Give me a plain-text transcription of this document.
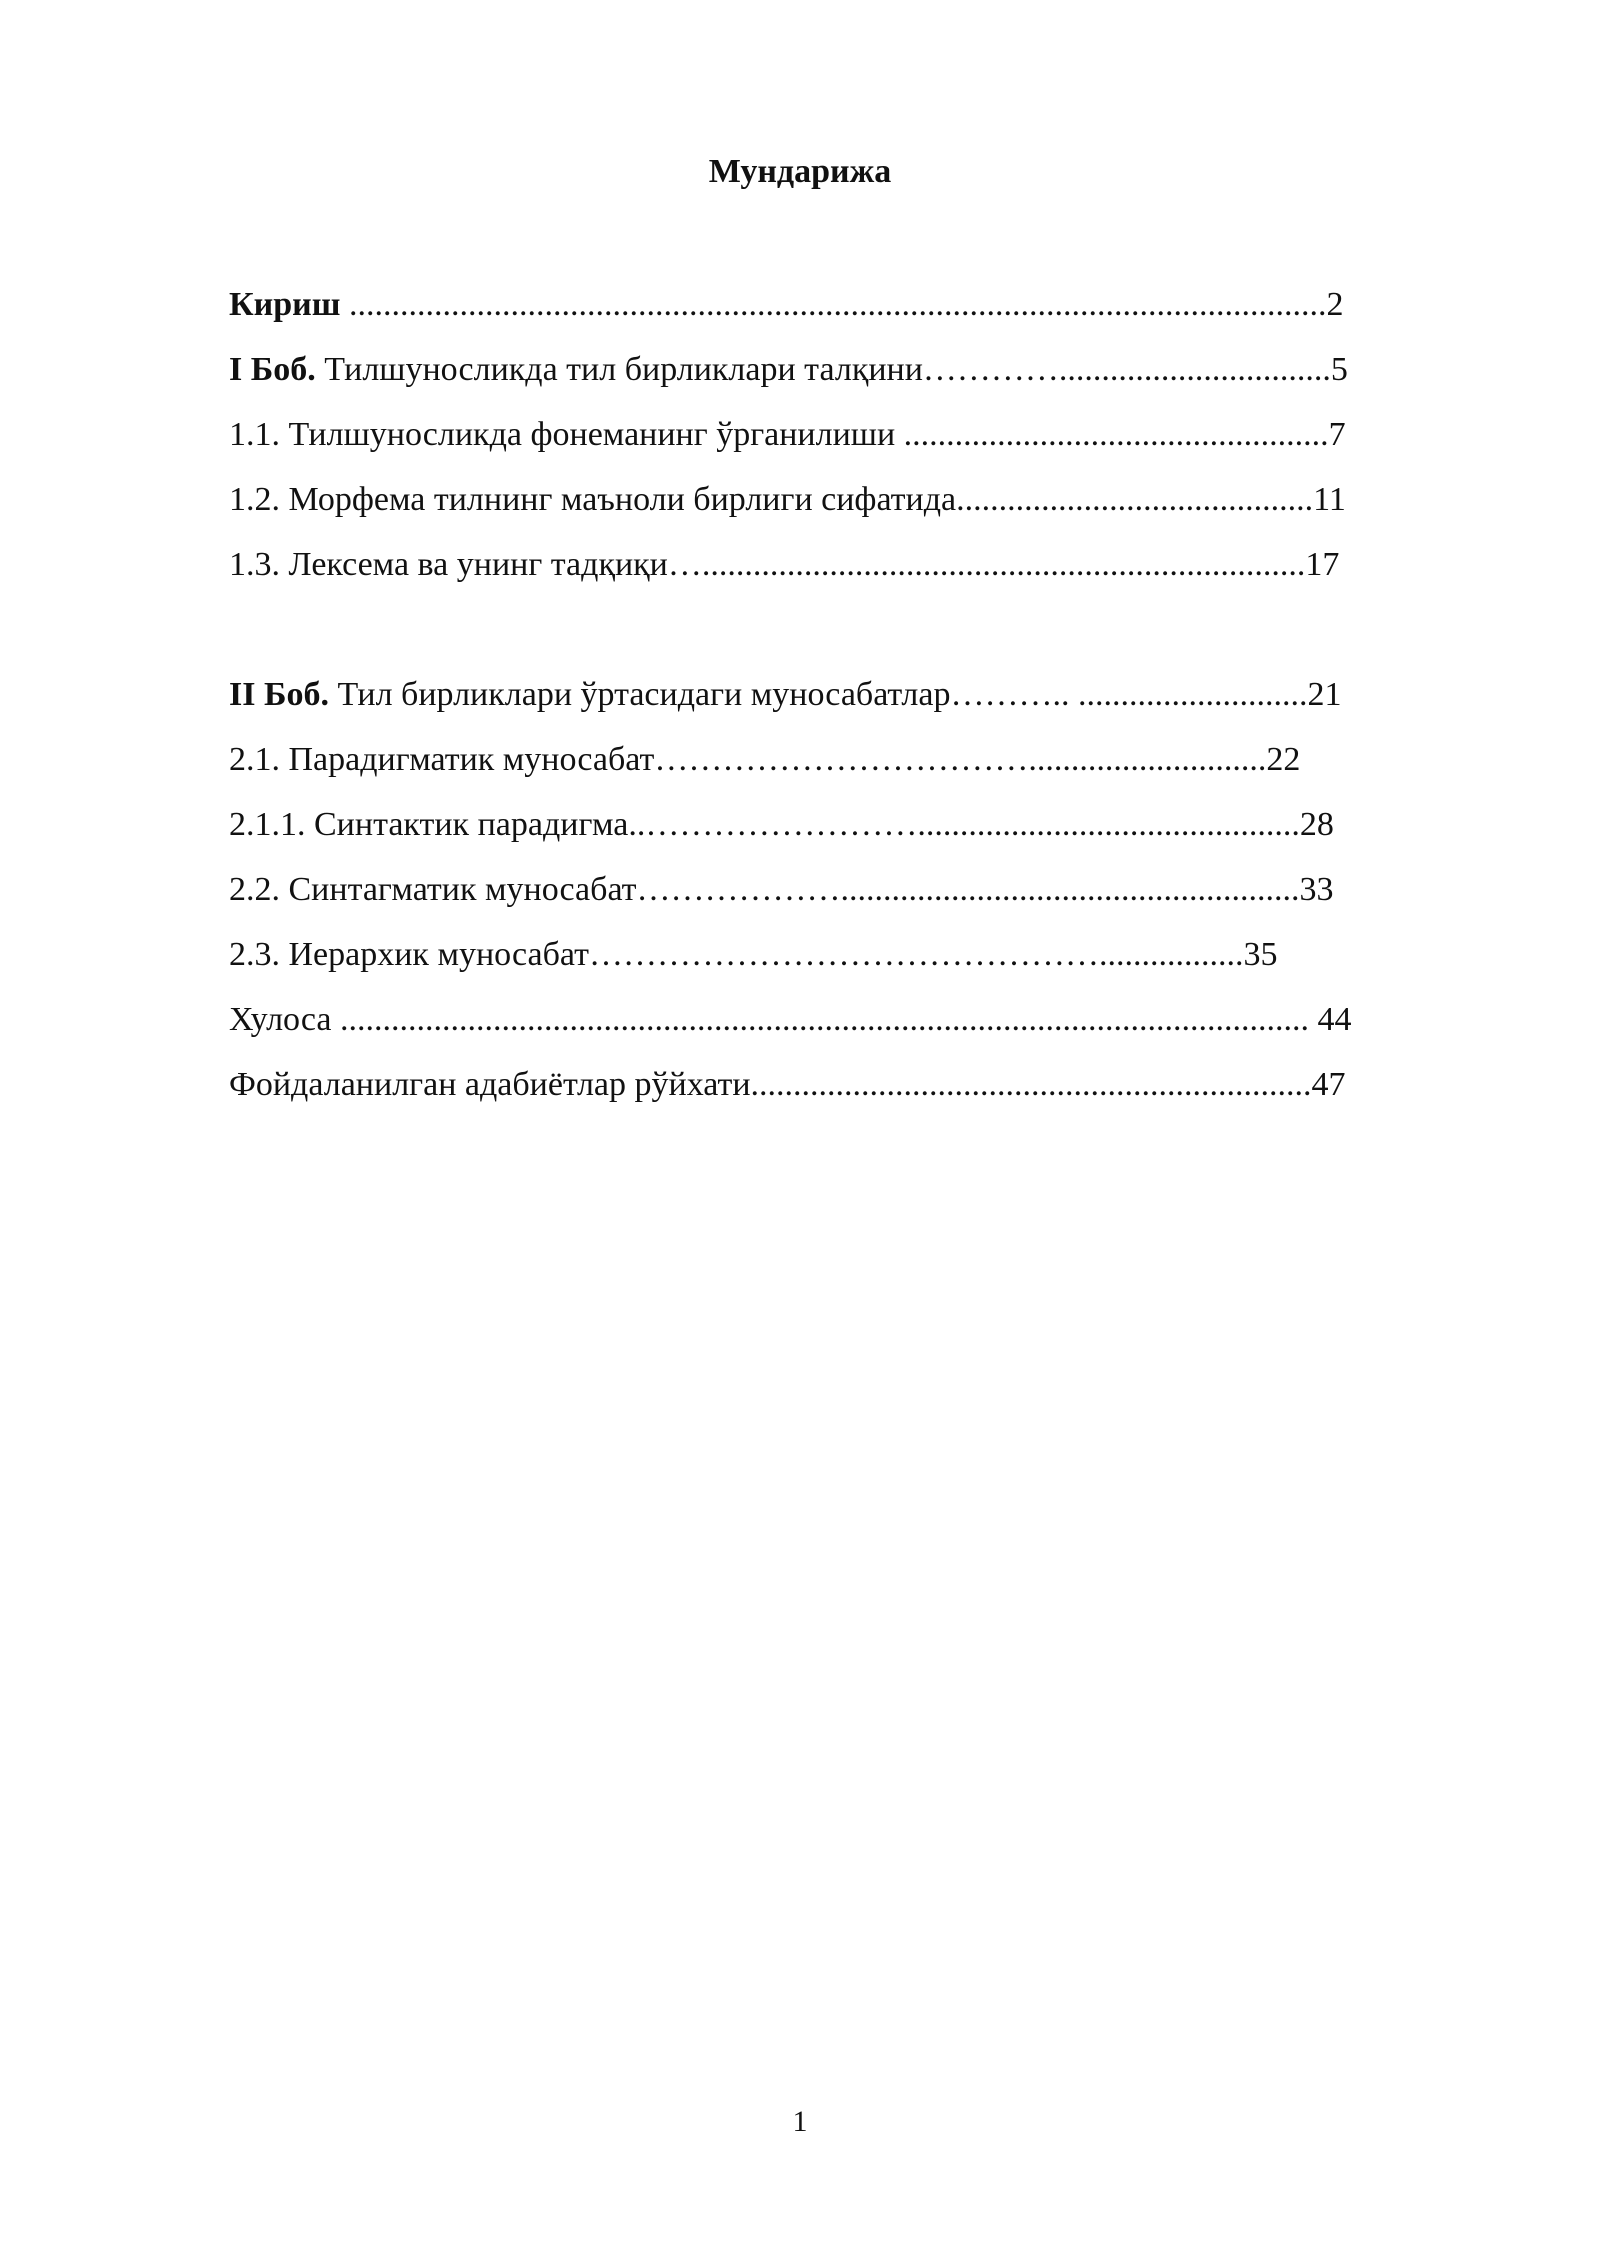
Мундарижа
Кириш ...................................................................................................................2
I Боб. Тилшуносликда тил бирликлари талқини…………................................5
1.1. Тилшуносликда фонеманинг ўрганилиши ..................................................7
1.2. Морфема тилнинг маъноли бирлиги сифатида..........................................11
1.3. Лексема ва унинг тадқиқи….......................................................................17
II Боб. Тил бирликлари ўртасидаги муносабатлар……….. ...........................21
2.1. Парадигматик муносабат……………………………............................22
2.1.1. Синтактик парадигма..…………………….............................................28
2.2. Синтагматик муносабат………………......................................................33
2.3. Иерархик муносабат……………………………………….................35
Хулоса .................................................................................................................. 44
Фойдаланилган адабиётлар рўйхати..................................................................47
1
